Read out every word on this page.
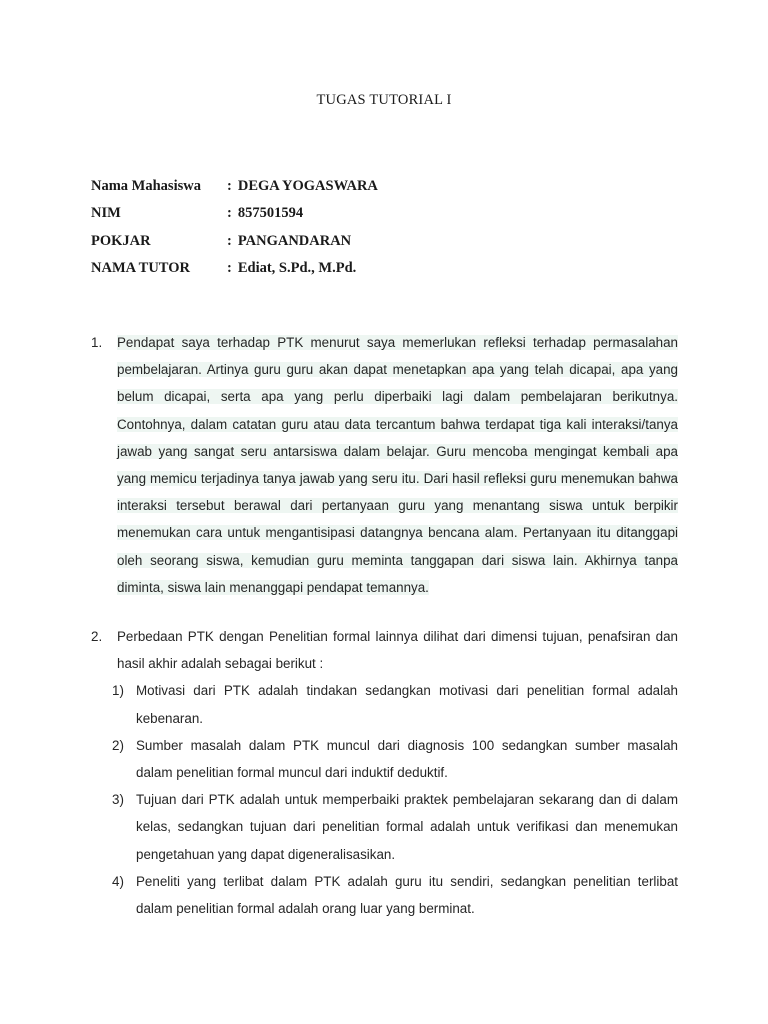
TUGAS TUTORIAL I
Nama Mahasiswa	: DEGA YOGASWARA
NIM	: 857501594
POKJAR	: PANGANDARAN
NAMA TUTOR	: Ediat, S.Pd., M.Pd.
1. Pendapat saya terhadap PTK menurut saya memerlukan refleksi terhadap permasalahan pembelajaran. Artinya guru guru akan dapat menetapkan apa yang telah dicapai, apa yang belum dicapai, serta apa yang perlu diperbaiki lagi dalam pembelajaran berikutnya. Contohnya, dalam catatan guru atau data tercantum bahwa terdapat tiga kali interaksi/tanya jawab yang sangat seru antarsiswa dalam belajar. Guru mencoba mengingat kembali apa yang memicu terjadinya tanya jawab yang seru itu. Dari hasil refleksi guru menemukan bahwa interaksi tersebut berawal dari pertanyaan guru yang menantang siswa untuk berpikir menemukan cara untuk mengantisipasi datangnya bencana alam. Pertanyaan itu ditanggapi oleh seorang siswa, kemudian guru meminta tanggapan dari siswa lain. Akhirnya tanpa diminta, siswa lain menanggapi pendapat temannya.
2. Perbedaan PTK dengan Penelitian formal lainnya dilihat dari dimensi tujuan, penafsiran dan hasil akhir adalah sebagai berikut :
1) Motivasi dari PTK adalah tindakan sedangkan motivasi dari penelitian formal adalah kebenaran.
2) Sumber masalah dalam PTK muncul dari diagnosis 100 sedangkan sumber masalah dalam penelitian formal muncul dari induktif deduktif.
3) Tujuan dari PTK adalah untuk memperbaiki praktek pembelajaran sekarang dan di dalam kelas, sedangkan tujuan dari penelitian formal adalah untuk verifikasi dan menemukan pengetahuan yang dapat digeneralisasikan.
4) Peneliti yang terlibat dalam PTK adalah guru itu sendiri, sedangkan penelitian terlibat dalam penelitian formal adalah orang luar yang berminat.
